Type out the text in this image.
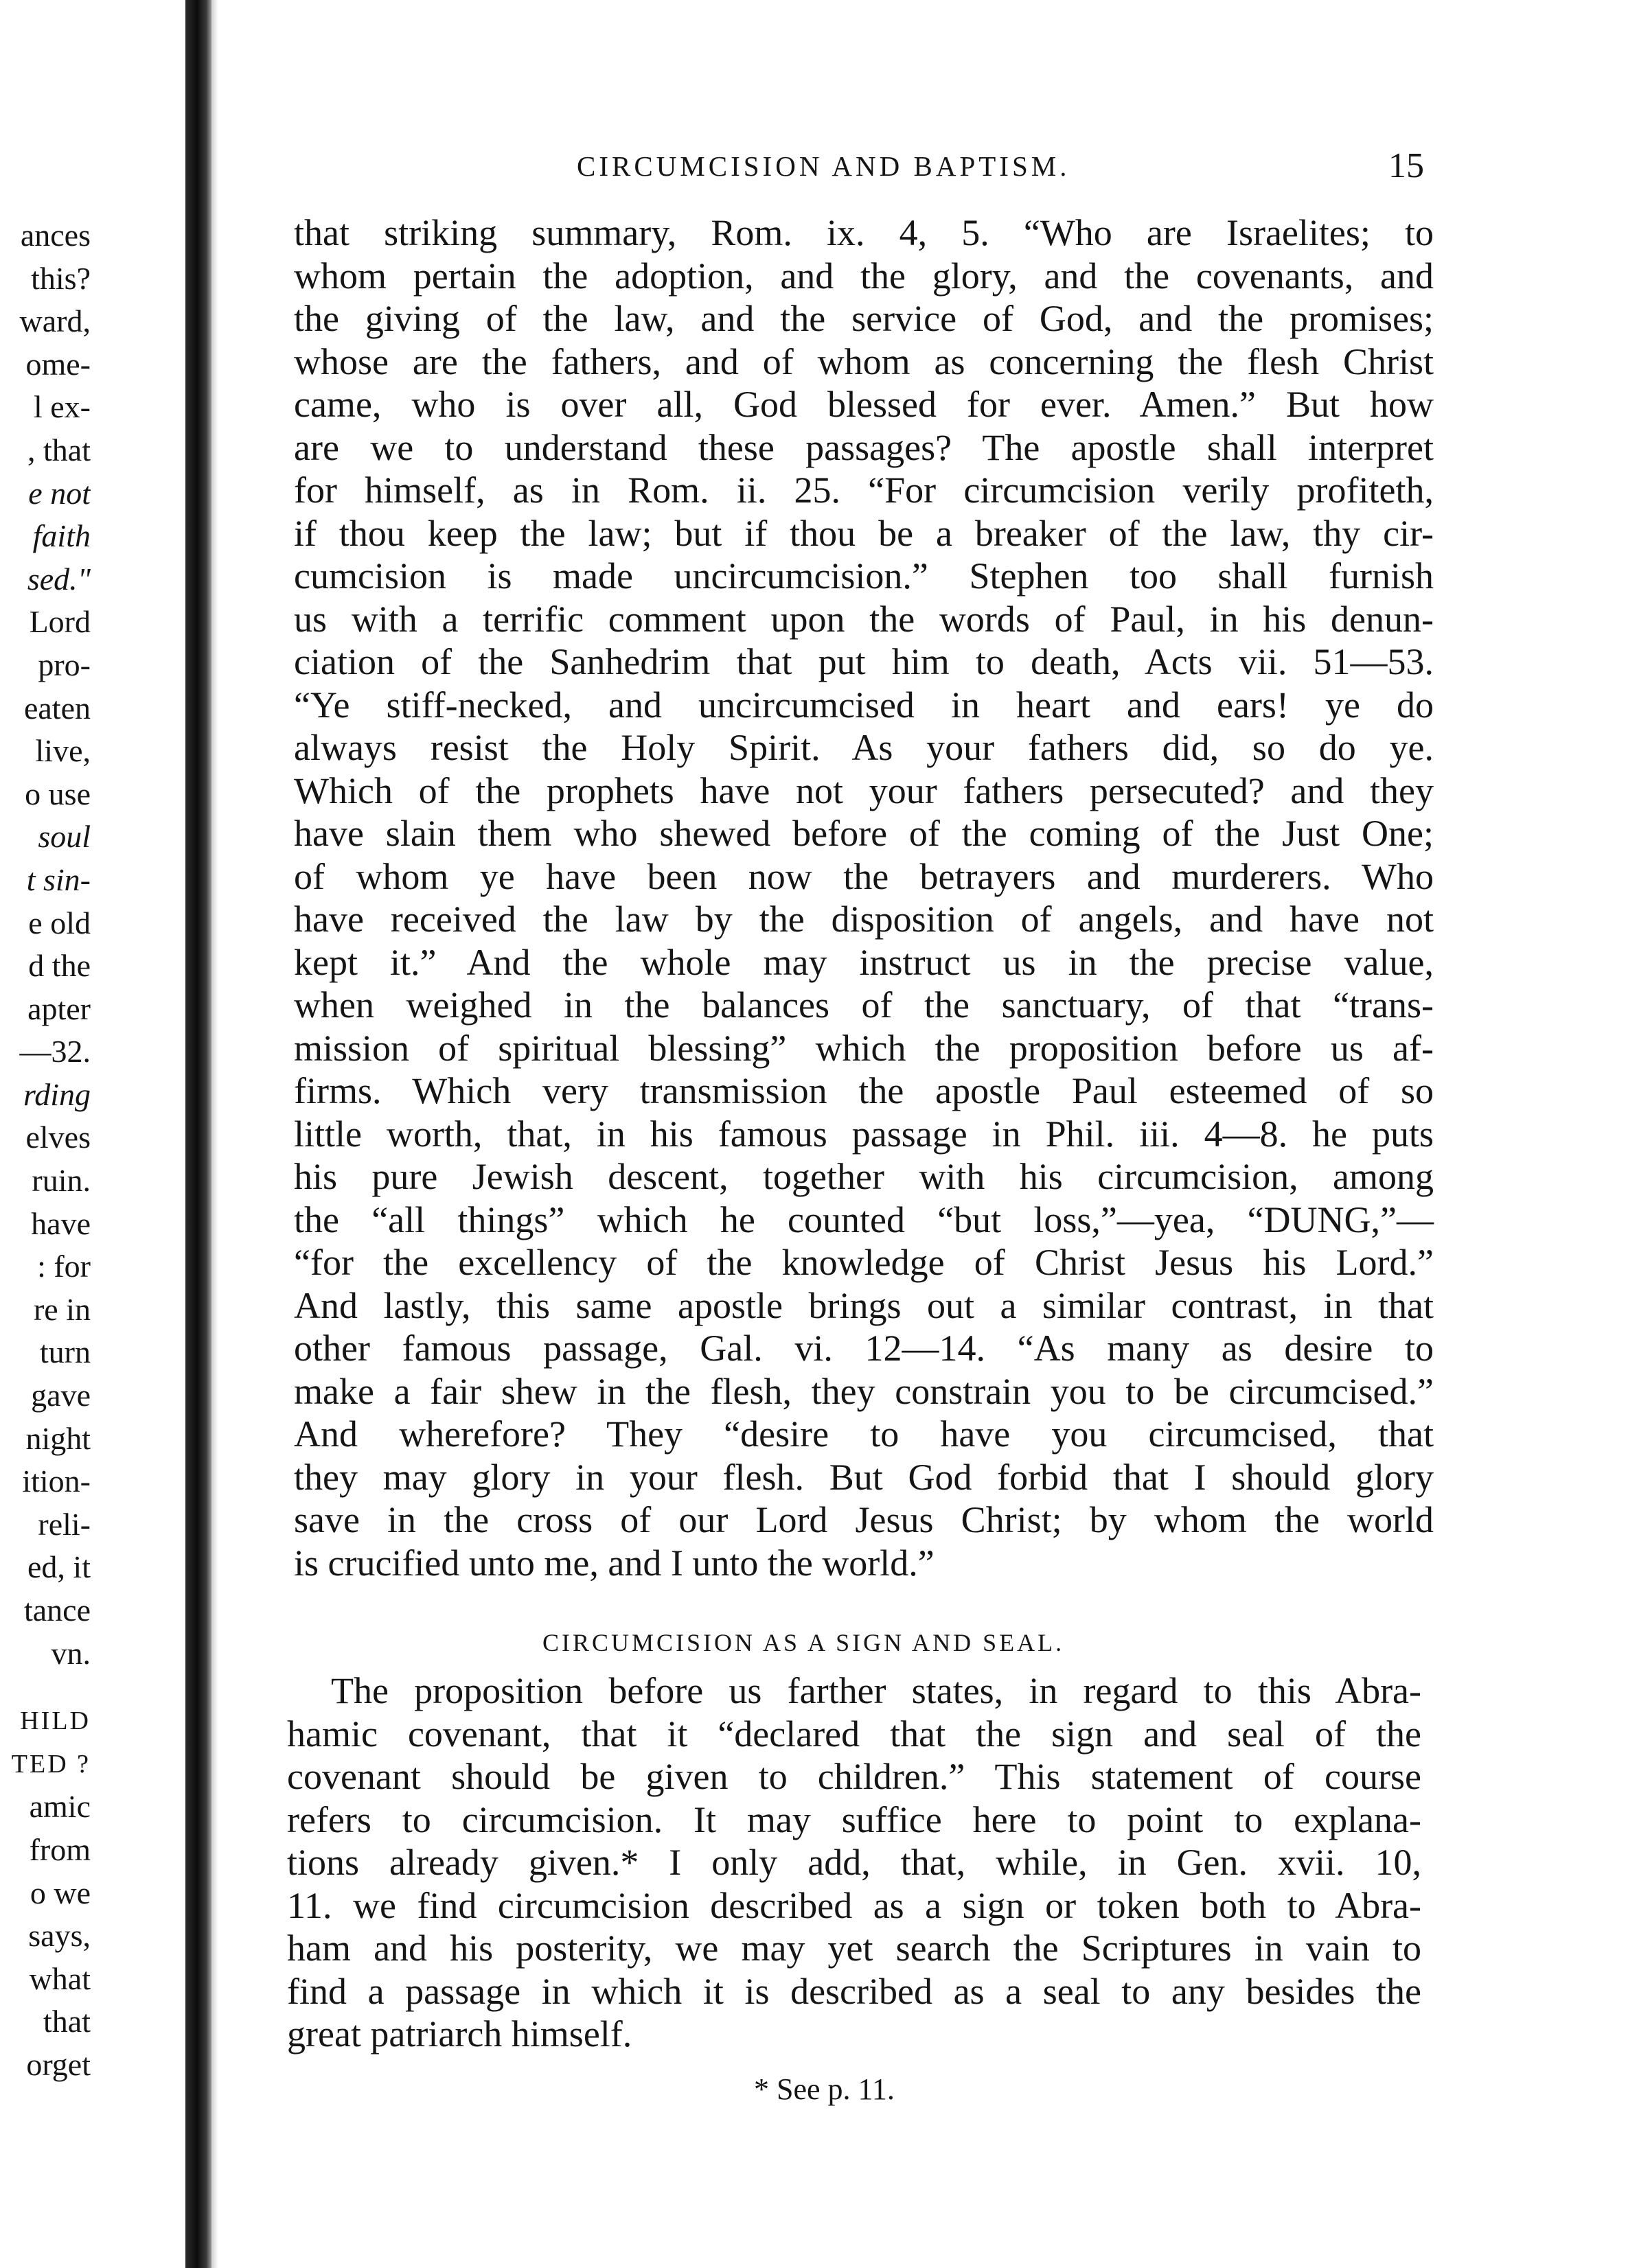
ances
this?
ward,
ome-
l ex-
, that
e not
faith
sed."
Lord
pro-
eaten
live,
o use
soul
t sin-
e old
d the
apter
—32.
rding
elves
ruin.
have
: for
re in
turn
gave
night
ition-
reli-
ed, it
tance
vn.
HILD
TED ?
amic
from
o we
says,
what
that
orget
CIRCUMCISION AND BAPTISM.	15
that striking summary, Rom. ix. 4, 5. “Who are Israelites; to
whom pertain the adoption, and the glory, and the covenants, and
the giving of the law, and the service of God, and the promises;
whose are the fathers, and of whom as concerning the flesh Christ
came, who is over all, God blessed for ever. Amen.” But how
are we to understand these passages? The apostle shall interpret
for himself, as in Rom. ii. 25. “For circumcision verily profiteth,
if thou keep the law; but if thou be a breaker of the law, thy cir-
cumcision is made uncircumcision.” Stephen too shall furnish
us with a terrific comment upon the words of Paul, in his denun-
ciation of the Sanhedrim that put him to death, Acts vii. 51—53.
“Ye stiff-necked, and uncircumcised in heart and ears! ye do
always resist the Holy Spirit. As your fathers did, so do ye.
Which of the prophets have not your fathers persecuted? and they
have slain them who shewed before of the coming of the Just One;
of whom ye have been now the betrayers and murderers. Who
have received the law by the disposition of angels, and have not
kept it.” And the whole may instruct us in the precise value,
when weighed in the balances of the sanctuary, of that “trans-
mission of spiritual blessing” which the proposition before us af-
firms. Which very transmission the apostle Paul esteemed of so
little worth, that, in his famous passage in Phil. iii. 4—8. he puts
his pure Jewish descent, together with his circumcision, among
the “all things” which he counted “but loss,”—yea, “DUNG,”—
“for the excellency of the knowledge of Christ Jesus his Lord.”
And lastly, this same apostle brings out a similar contrast, in that
other famous passage, Gal. vi. 12—14. “As many as desire to
make a fair shew in the flesh, they constrain you to be circumcised.”
And wherefore? They “desire to have you circumcised, that
they may glory in your flesh. But God forbid that I should glory
save in the cross of our Lord Jesus Christ; by whom the world
is crucified unto me, and I unto the world.”
CIRCUMCISION AS A SIGN AND SEAL.
The proposition before us farther states, in regard to this Abra-
hamic covenant, that it “declared that the sign and seal of the
covenant should be given to children.” This statement of course
refers to circumcision. It may suffice here to point to explana-
tions already given.* I only add, that, while, in Gen. xvii. 10,
11. we find circumcision described as a sign or token both to Abra-
ham and his posterity, we may yet search the Scriptures in vain to
find a passage in which it is described as a seal to any besides the
great patriarch himself.
* See p. 11.
